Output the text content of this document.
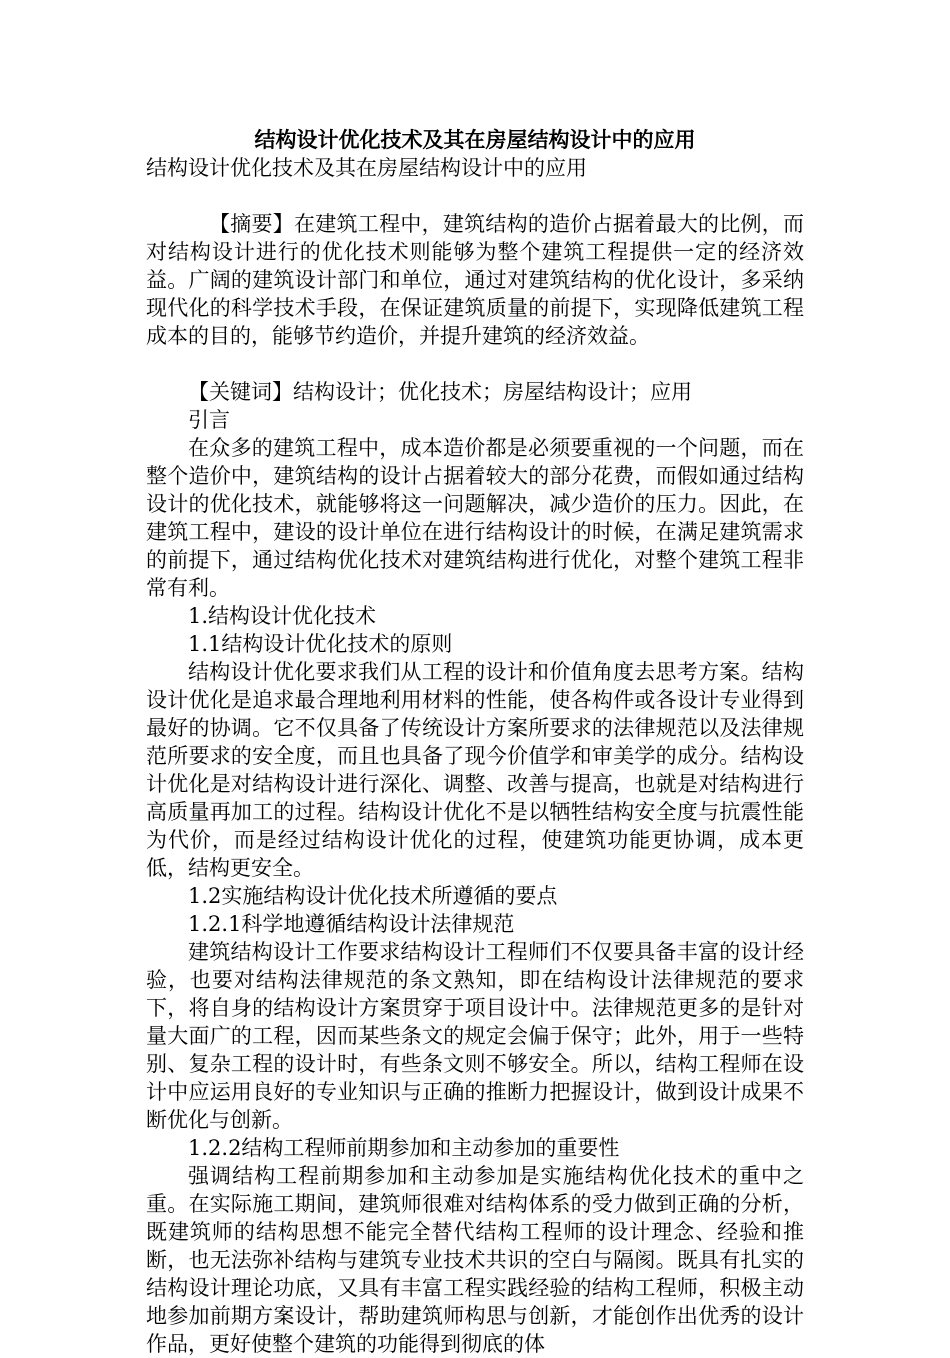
结构设计优化技术及其在房屋结构设计中的应用

结构设计优化技术及其在房屋结构设计中的应用

【摘要】在建筑工程中，建筑结构的造价占据着最大的比例，而对结构设计进行的优化技术则能够为整个建筑工程提供一定的经济效益。广阔的建筑设计部门和单位，通过对建筑结构的优化设计，多采纳现代化的科学技术手段，在保证建筑质量的前提下，实现降低建筑工程成本的目的，能够节约造价，并提升建筑的经济效益。

【关键词】结构设计；优化技术；房屋结构设计；应用

引言

在众多的建筑工程中，成本造价都是必须要重视的一个问题，而在整个造价中，建筑结构的设计占据着较大的部分花费，而假如通过结构设计的优化技术，就能够将这一问题解决，减少造价的压力。因此，在建筑工程中，建设的设计单位在进行结构设计的时候，在满足建筑需求的前提下，通过结构优化技术对建筑结构进行优化，对整个建筑工程非常有利。

1.结构设计优化技术

1.1结构设计优化技术的原则

结构设计优化要求我们从工程的设计和价值角度去思考方案。结构设计优化是追求最合理地利用材料的性能，使各构件或各设计专业得到最好的协调。它不仅具备了传统设计方案所要求的法律规范以及法律规范所要求的安全度，而且也具备了现今价值学和审美学的成分。结构设计优化是对结构设计进行深化、调整、改善与提高，也就是对结构进行高质量再加工的过程。结构设计优化不是以牺牲结构安全度与抗震性能为代价，而是经过结构设计优化的过程，使建筑功能更协调，成本更低，结构更安全。

1.2实施结构设计优化技术所遵循的要点

1.2.1科学地遵循结构设计法律规范

建筑结构设计工作要求结构设计工程师们不仅要具备丰富的设计经验，也要对结构法律规范的条文熟知，即在结构设计法律规范的要求下，将自身的结构设计方案贯穿于项目设计中。法律规范更多的是针对量大面广的工程，因而某些条文的规定会偏于保守；此外，用于一些特别、复杂工程的设计时，有些条文则不够安全。所以，结构工程师在设计中应运用良好的专业知识与正确的推断力把握设计，做到设计成果不断优化与创新。

1.2.2结构工程师前期参加和主动参加的重要性

强调结构工程前期参加和主动参加是实施结构优化技术的重中之重。在实际施工期间，建筑师很难对结构体系的受力做到正确的分析，既建筑师的结构思想不能完全替代结构工程师的设计理念、经验和推断，也无法弥补结构与建筑专业技术共识的空白与隔阂。既具有扎实的结构设计理论功底，又具有丰富工程实践经验的结构工程师，积极主动地参加前期方案设计，帮助建筑师构思与创新，才能创作出优秀的设计作品，更好使整个建筑的功能得到彻底的体
